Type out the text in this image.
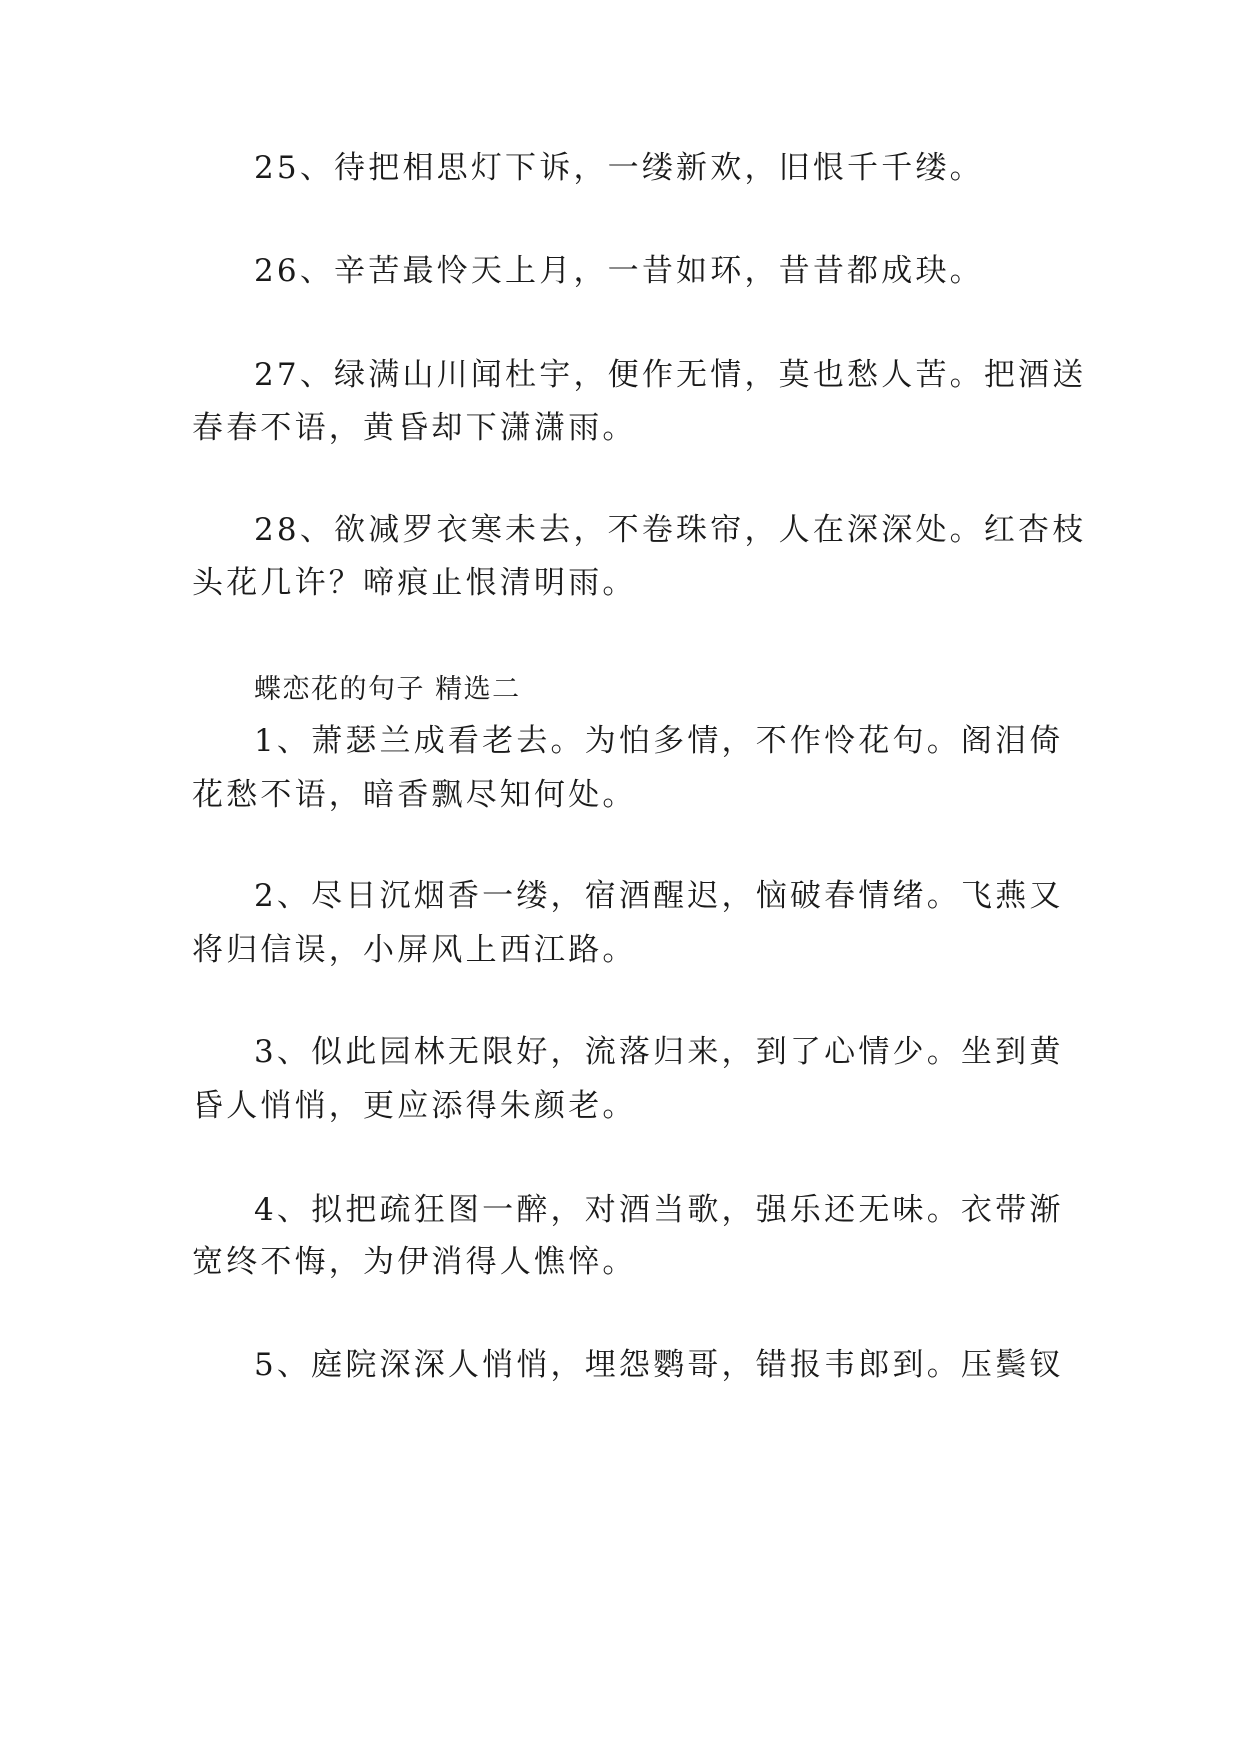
25、待把相思灯下诉，一缕新欢，旧恨千千缕。
26、辛苦最怜天上月，一昔如环，昔昔都成玦。
27、绿满山川闻杜宇，便作无情，莫也愁人苦。把酒送
春春不语，黄昏却下潇潇雨。
28、欲减罗衣寒未去，不卷珠帘，人在深深处。红杏枝
头花几许？啼痕止恨清明雨。
蝶恋花的句子 精选二
1、萧瑟兰成看老去。为怕多情，不作怜花句。阁泪倚
花愁不语，暗香飘尽知何处。
2、尽日沉烟香一缕，宿酒醒迟，恼破春情绪。飞燕又
将归信误，小屏风上西江路。
3、似此园林无限好，流落归来，到了心情少。坐到黄
昏人悄悄，更应添得朱颜老。
4、拟把疏狂图一醉，对酒当歌，强乐还无味。衣带渐
宽终不悔，为伊消得人憔悴。
5、庭院深深人悄悄，埋怨鹦哥，错报韦郎到。压鬓钗
